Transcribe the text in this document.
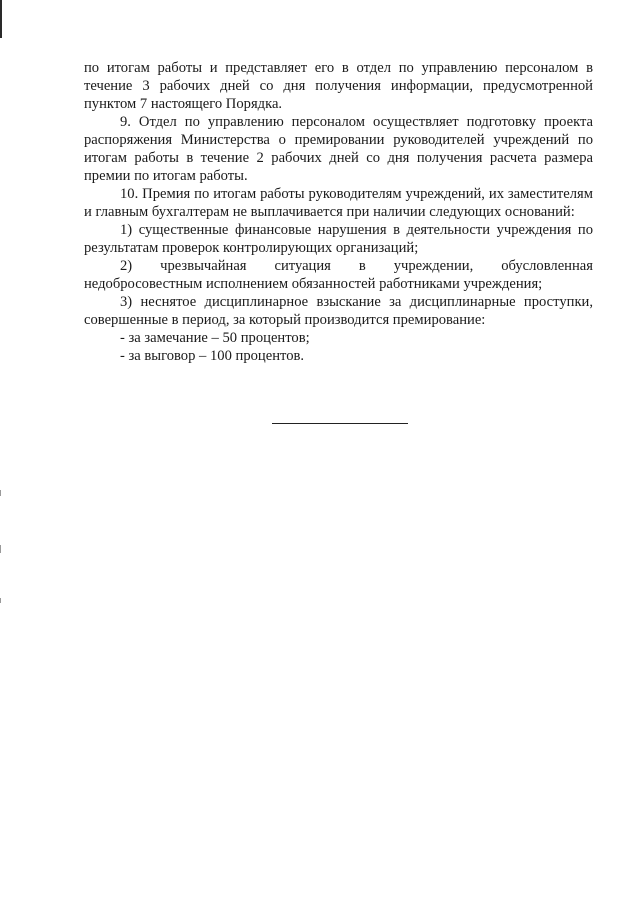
по итогам работы и представляет его в отдел по управлению персоналом в течение 3 рабочих дней со дня получения информации, предусмотренной пунктом 7 настоящего Порядка.

9. Отдел по управлению персоналом осуществляет подготовку проекта распоряжения Министерства о премировании руководителей учреждений по итогам работы в течение 2 рабочих дней со дня получения расчета размера премии по итогам работы.

10. Премия по итогам работы руководителям учреждений, их заместителям и главным бухгалтерам не выплачивается при наличии следующих оснований:

1) существенные финансовые нарушения в деятельности учреждения по результатам проверок контролирующих организаций;

2) чрезвычайная ситуация в учреждении, обусловленная недобросовестным исполнением обязанностей работниками учреждения;

3) неснятое дисциплинарное взыскание за дисциплинарные проступки, совершенные в период, за который производится премирование:

- за замечание – 50 процентов;

- за выговор – 100 процентов.
